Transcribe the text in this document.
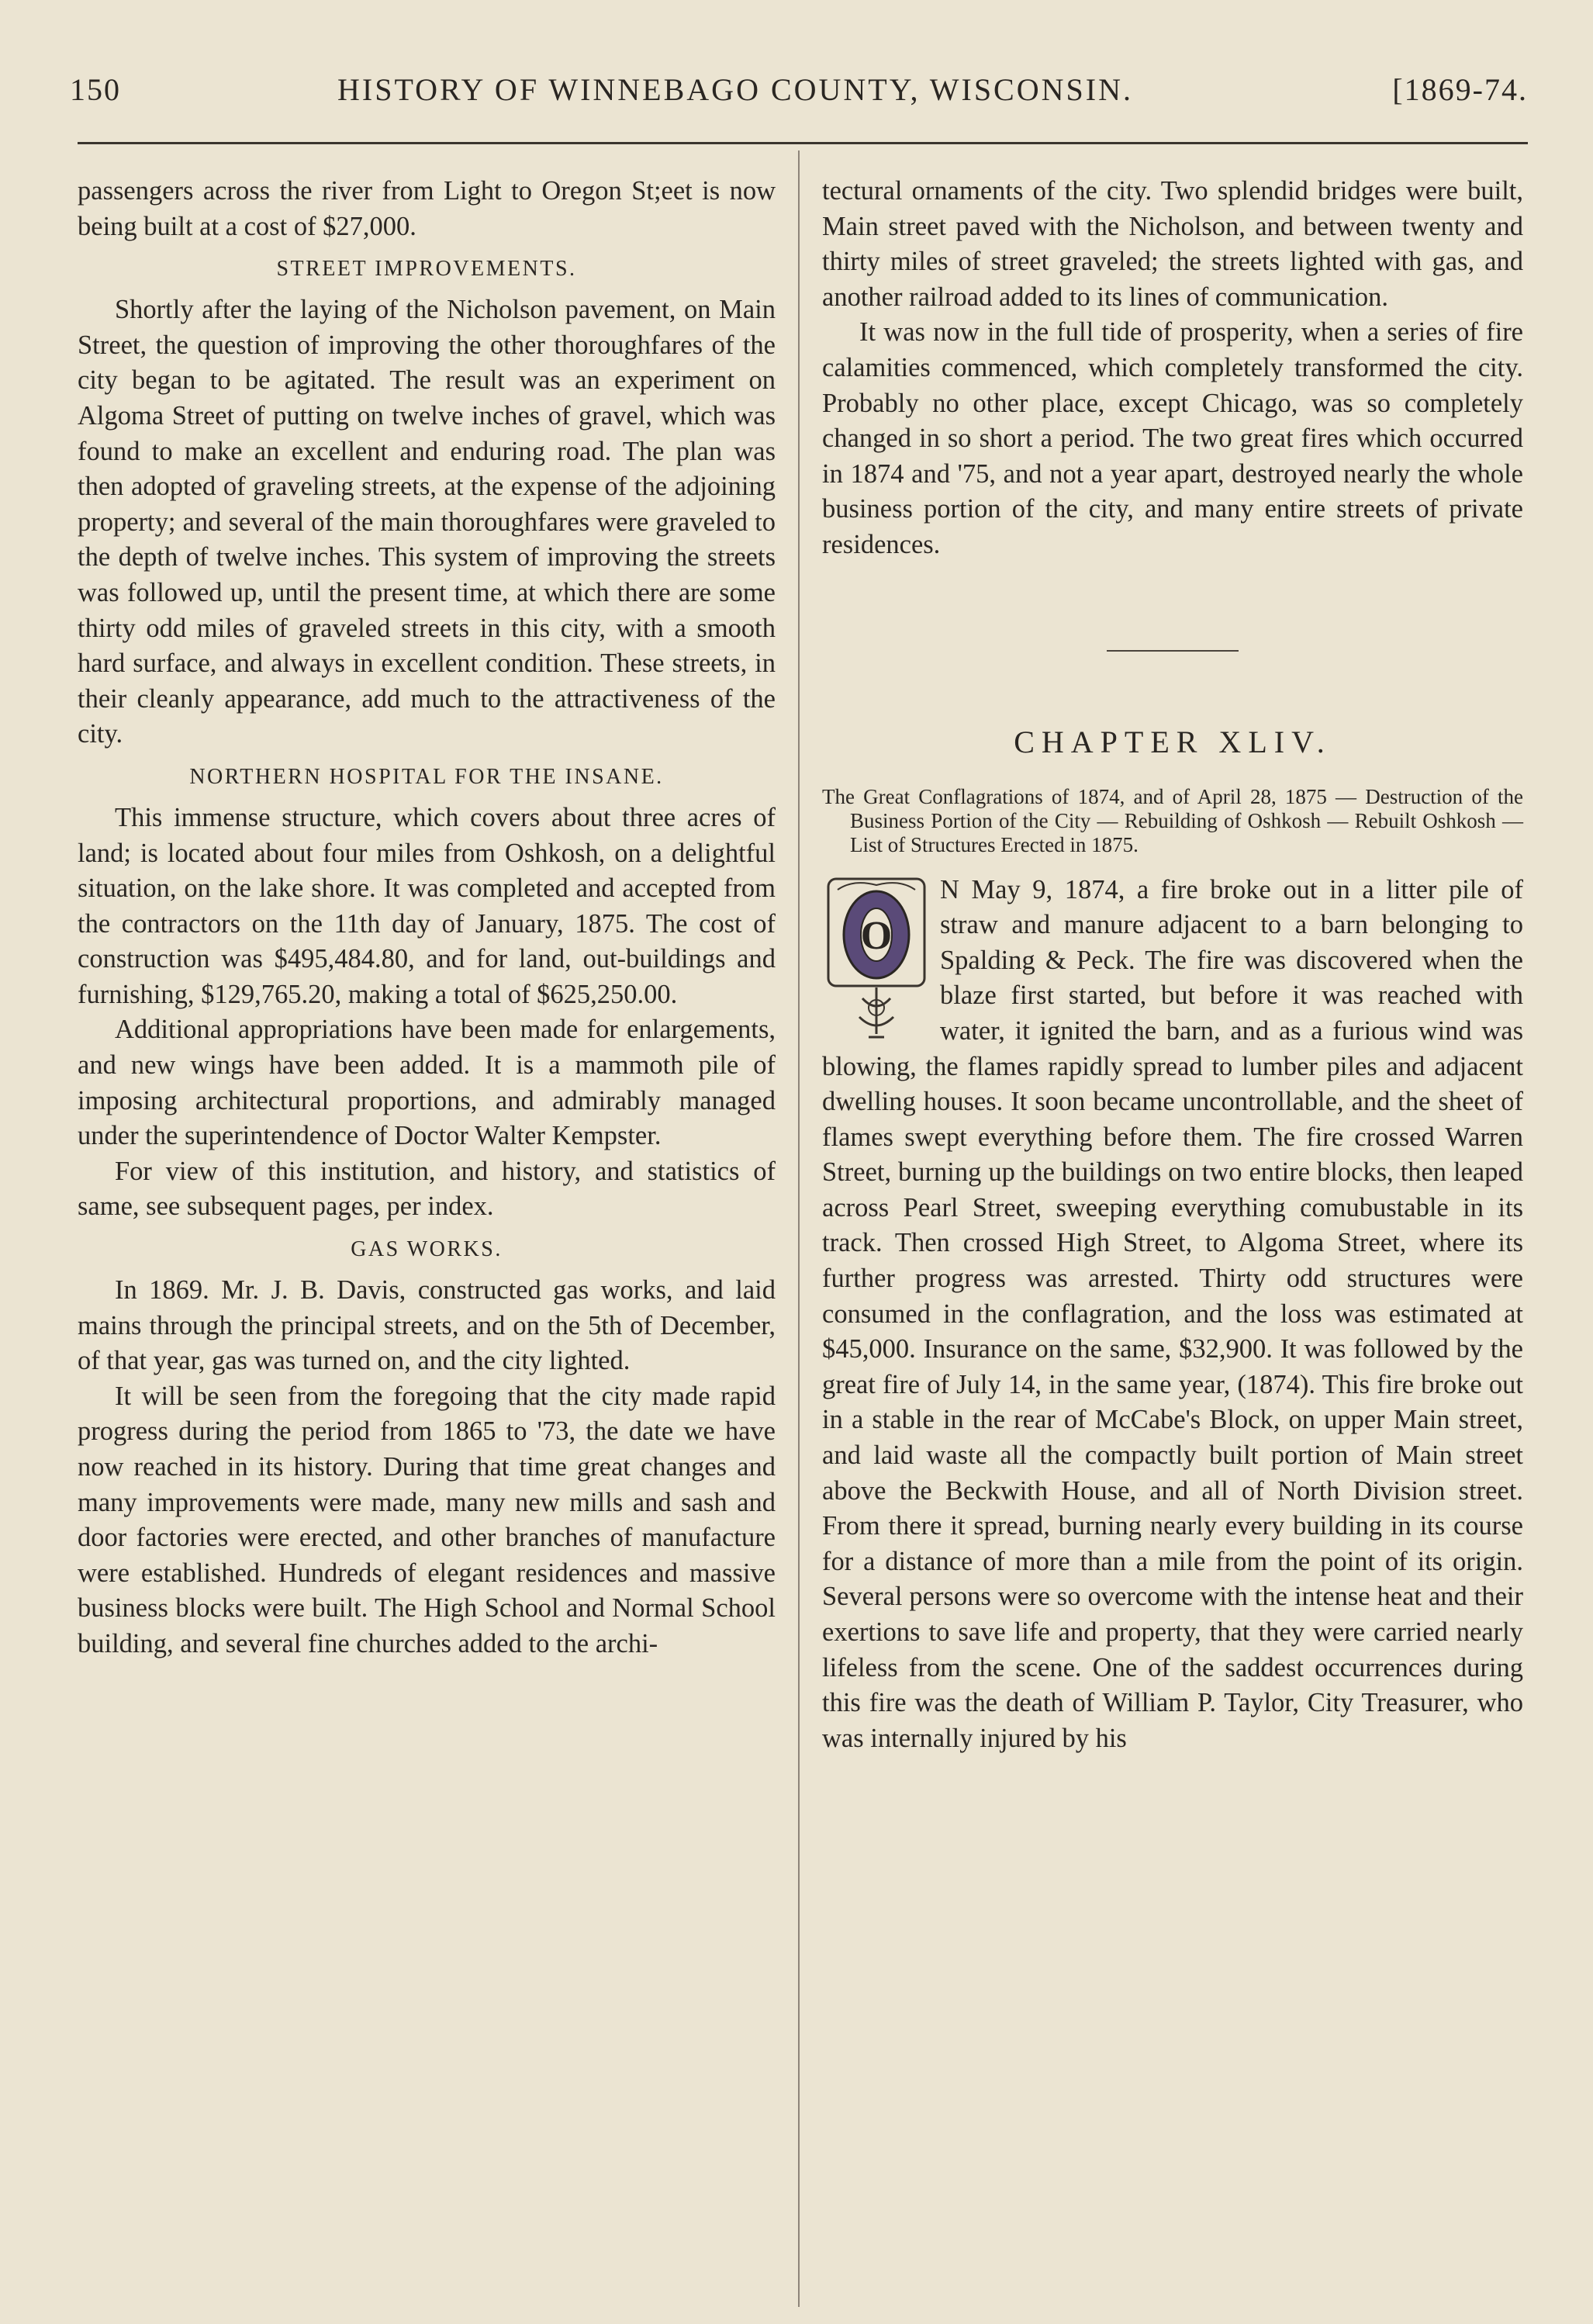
150	HISTORY OF WINNEBAGO COUNTY, WISCONSIN.	[1869-74.

passengers across the river from Light to Oregon St;eet is now being built at a cost of $27,000.

STREET IMPROVEMENTS.

Shortly after the laying of the Nicholson pavement, on Main Street, the question of improving the other thoroughfares of the city began to be agitated. The result was an experiment on Algoma Street of putting on twelve inches of gravel, which was found to make an excellent and enduring road. The plan was then adopted of graveling streets, at the expense of the adjoining property; and several of the main thoroughfares were graveled to the depth of twelve inches. This system of improving the streets was followed up, until the present time, at which there are some thirty odd miles of graveled streets in this city, with a smooth hard surface, and always in excellent condition. These streets, in their cleanly appearance, add much to the attractiveness of the city.

NORTHERN HOSPITAL FOR THE INSANE.

This immense structure, which covers about three acres of land; is located about four miles from Oshkosh, on a delightful situation, on the lake shore. It was completed and accepted from the contractors on the 11th day of January, 1875. The cost of construction was $495,484.80, and for land, out-buildings and furnishing, $129,765.20, making a total of $625,250.00.

Additional appropriations have been made for enlargements, and new wings have been added. It is a mammoth pile of imposing architectural proportions, and admirably managed under the superintendence of Doctor Walter Kempster.

For view of this institution, and history, and statistics of same, see subsequent pages, per index.

GAS WORKS.

In 1869. Mr. J. B. Davis, constructed gas works, and laid mains through the principal streets, and on the 5th of December, of that year, gas was turned on, and the city lighted.

It will be seen from the foregoing that the city made rapid progress during the period from 1865 to '73, the date we have now reached in its history. During that time great changes and many improvements were made, many new mills and sash and door factories were erected, and other branches of manufacture were established. Hundreds of elegant residences and massive business blocks were built. The High School and Normal School building, and several fine churches added to the archi-

tectural ornaments of the city. Two splendid bridges were built, Main street paved with the Nicholson, and between twenty and thirty miles of street graveled; the streets lighted with gas, and another railroad added to its lines of communication.

It was now in the full tide of prosperity, when a series of fire calamities commenced, which completely transformed the city. Probably no other place, except Chicago, was so completely changed in so short a period. The two great fires which occurred in 1874 and '75, and not a year apart, destroyed nearly the whole business portion of the city, and many entire streets of private residences.

CHAPTER XLIV.
The Great Conflagrations of 1874, and of April 28, 1875 — Destruction of the Business Portion of the City — Rebuilding of Oshkosh — Rebuilt Oshkosh — List of Structures Erected in 1875.
O

N May 9, 1874, a fire broke out in a litter pile of straw and manure adjacent to a barn belonging to Spalding & Peck. The fire was discovered when the blaze first started, but before it was reached with water, it ignited the barn, and as a furious wind was blowing, the flames rapidly spread to lumber piles and adjacent dwelling houses. It soon became uncontrollable, and the sheet of flames swept everything before them. The fire crossed Warren Street, burning up the buildings on two entire blocks, then leaped across Pearl Street, sweeping everything comubustable in its track. Then crossed High Street, to Algoma Street, where its further progress was arrested. Thirty odd structures were consumed in the conflagration, and the loss was estimated at $45,000. Insurance on the same, $32,900. It was followed by the great fire of July 14, in the same year, (1874). This fire broke out in a stable in the rear of McCabe's Block, on upper Main street, and laid waste all the compactly built portion of Main street above the Beckwith House, and all of North Division street. From there it spread, burning nearly every building in its course for a distance of more than a mile from the point of its origin. Several persons were so overcome with the intense heat and their exertions to save life and property, that they were carried nearly lifeless from the scene. One of the saddest occurrences during this fire was the death of William P. Taylor, City Treasurer, who was internally injured by his
